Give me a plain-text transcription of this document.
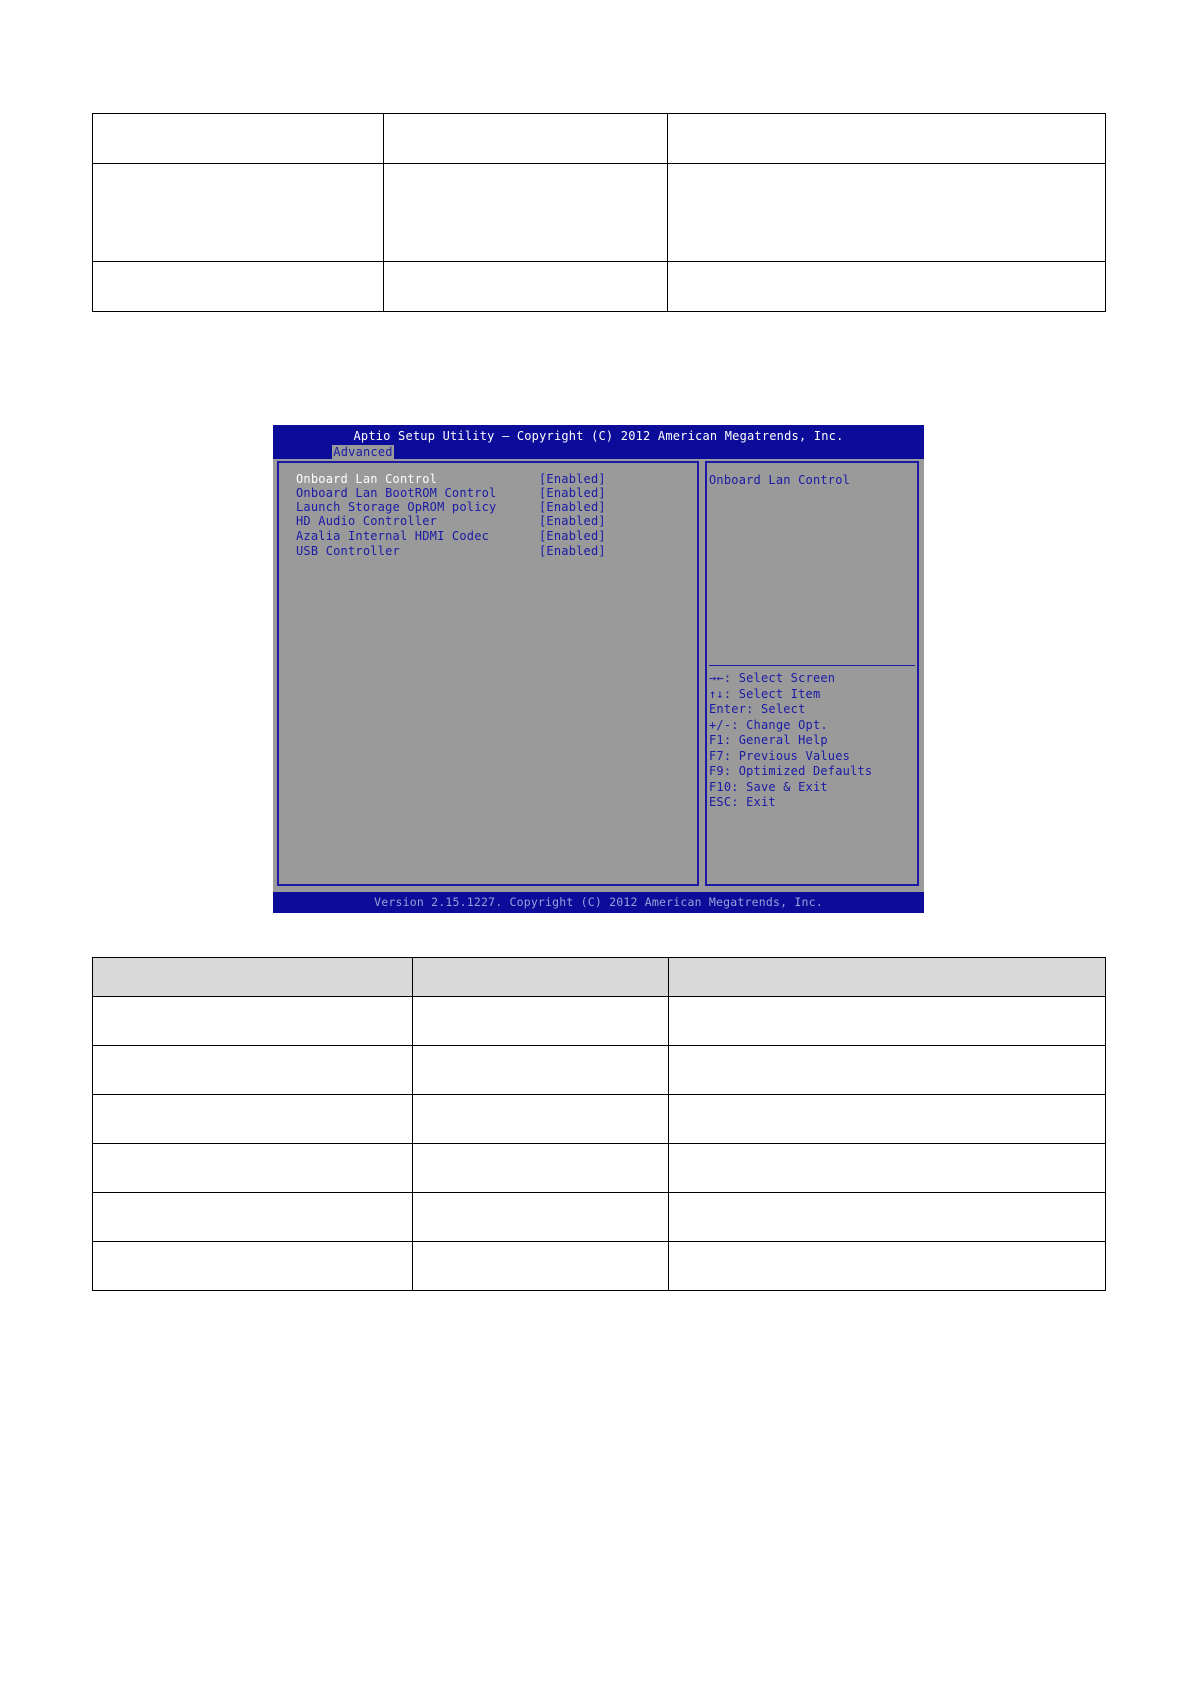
Aptio Setup Utility – Copyright (C) 2012 American Megatrends, Inc.
Advanced
Onboard Lan Control	[Enabled]
Onboard Lan BootROM Control	[Enabled]
Launch Storage OpROM policy	[Enabled]
HD Audio Controller	[Enabled]
Azalia Internal HDMI Codec	[Enabled]
USB Controller	[Enabled]
Onboard Lan Control
→←: Select Screen
↑↓: Select Item
Enter: Select
+/-: Change Opt.
F1: General Help
F7: Previous Values
F9: Optimized Defaults
F10: Save & Exit
ESC: Exit
Version 2.15.1227. Copyright (C) 2012 American Megatrends, Inc.
